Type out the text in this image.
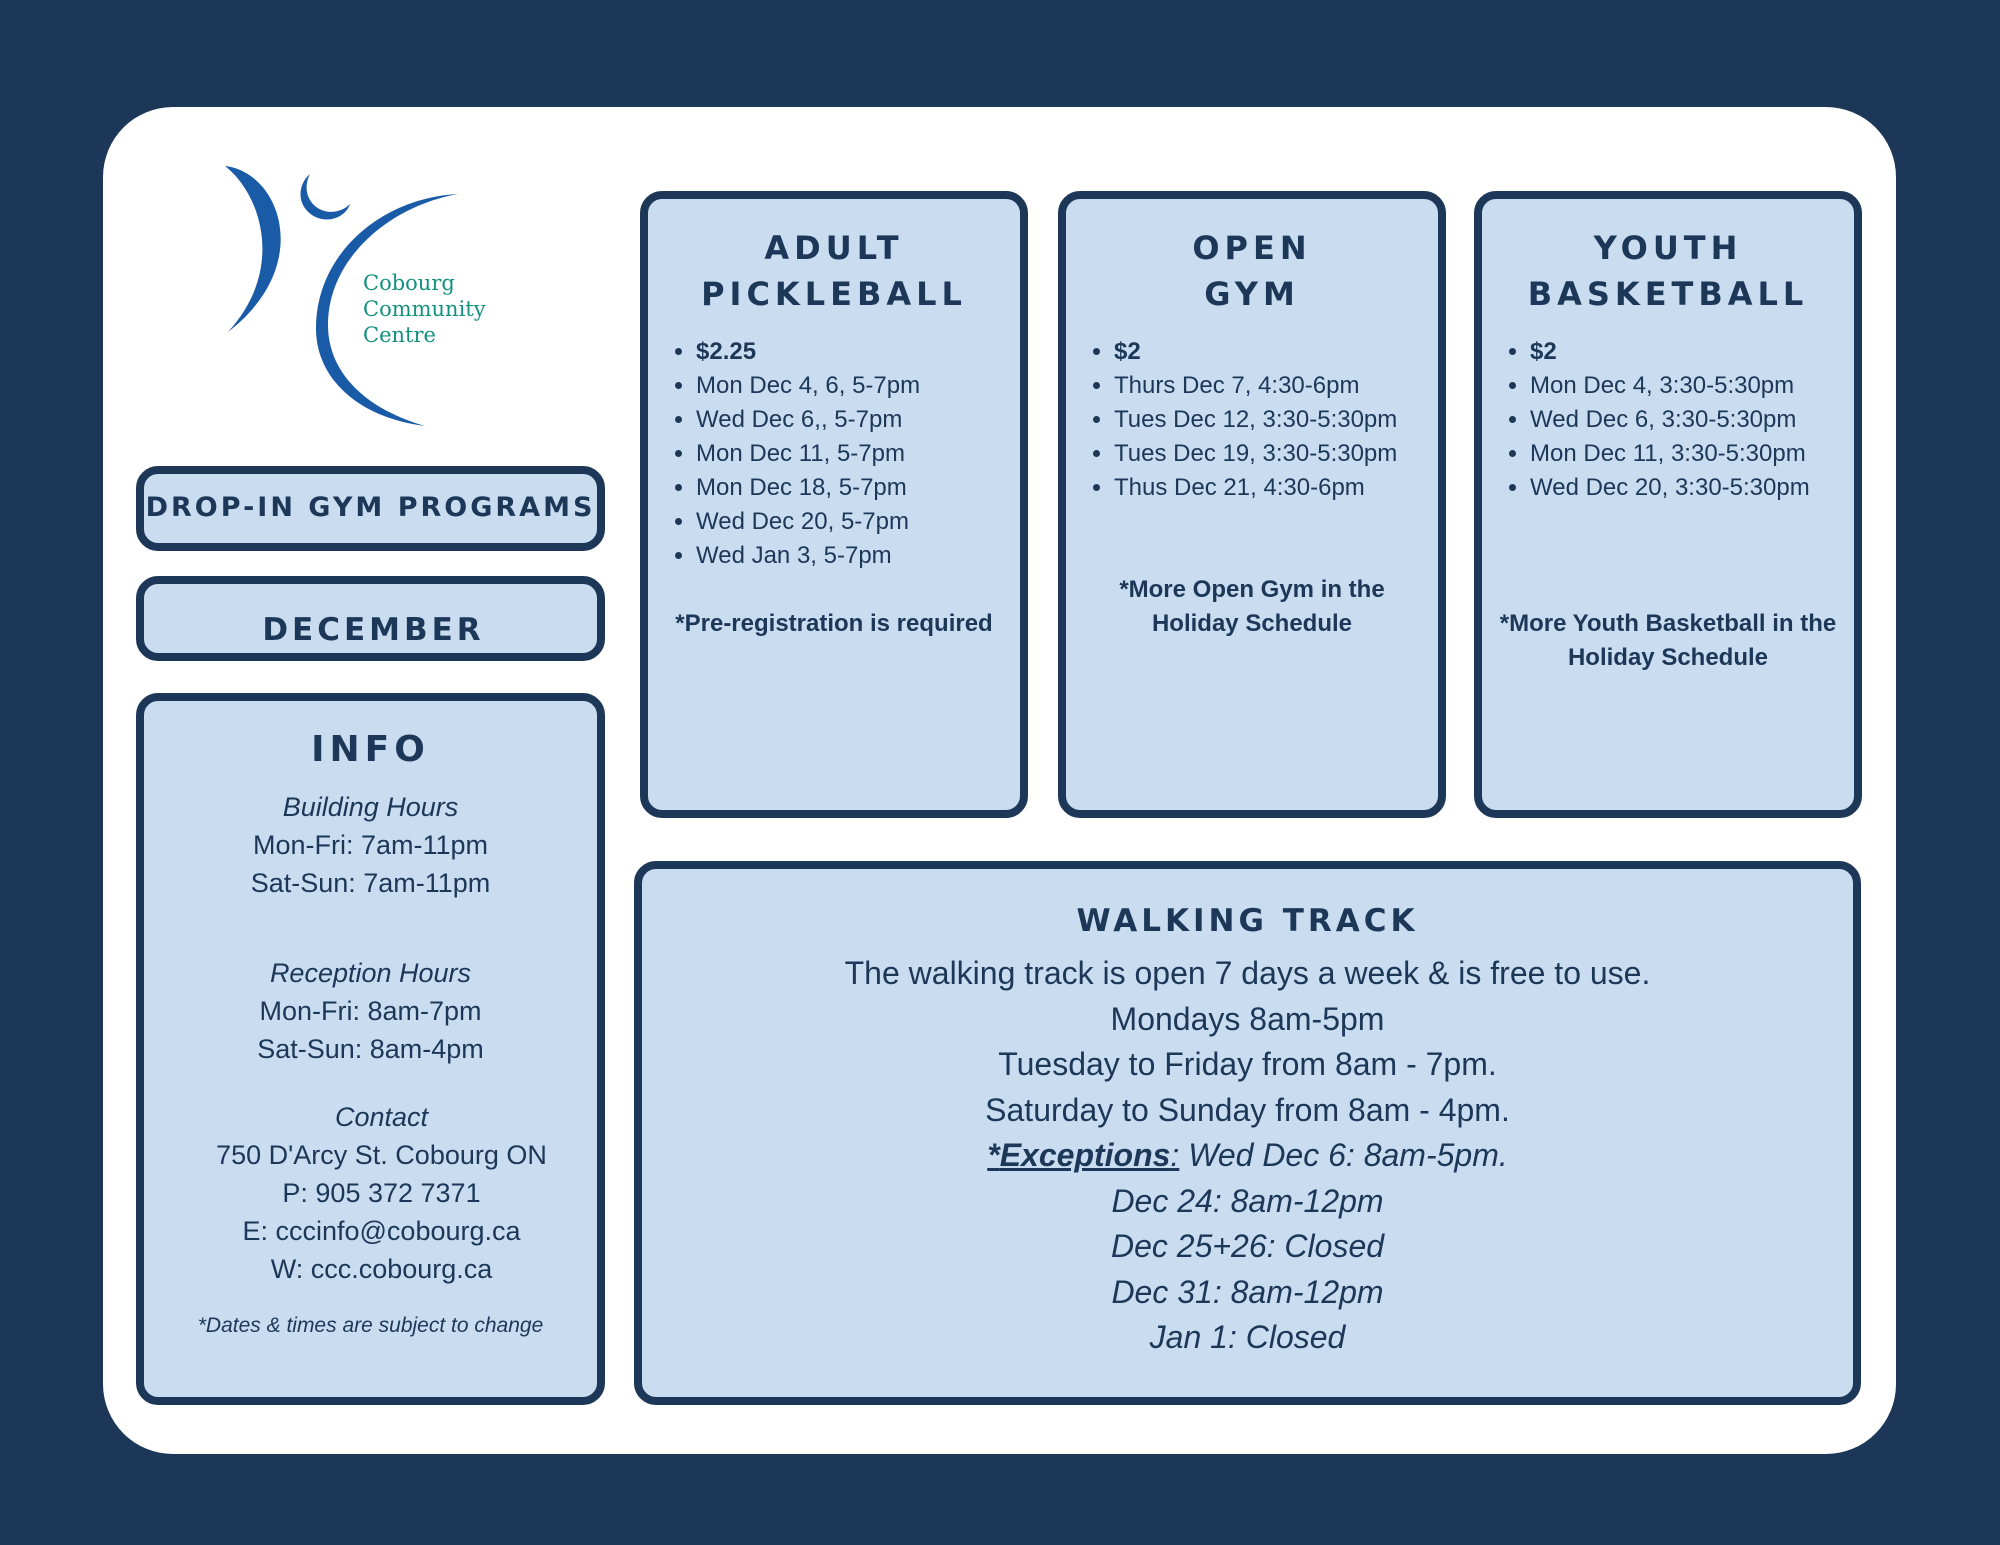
Cobourg
Community
Centre
DROP-IN GYM PROGRAMS
DECEMBER
INFO
Building Hours
Mon-Fri: 7am-11pm
Sat-Sun: 7am-11pm
Reception Hours
Mon-Fri: 8am-7pm
Sat-Sun: 8am-4pm
Contact
750 D'Arcy St. Cobourg ON
P: 905 372 7371
E: cccinfo@cobourg.ca
W: ccc.cobourg.ca
*Dates & times are subject to change
ADULT
PICKLEBALL
• $2.25
• Mon Dec 4, 6, 5-7pm
• Wed Dec 6,, 5-7pm
• Mon Dec 11, 5-7pm
• Mon Dec 18, 5-7pm
• Wed Dec 20, 5-7pm
• Wed Jan 3, 5-7pm
*Pre-registration is required
OPEN
GYM
• $2
• Thurs Dec 7, 4:30-6pm
• Tues Dec 12, 3:30-5:30pm
• Tues Dec 19, 3:30-5:30pm
• Thus Dec 21, 4:30-6pm
*More Open Gym in the Holiday Schedule
YOUTH
BASKETBALL
• $2
• Mon Dec 4, 3:30-5:30pm
• Wed Dec 6, 3:30-5:30pm
• Mon Dec 11, 3:30-5:30pm
• Wed Dec 20, 3:30-5:30pm
*More Youth Basketball in the Holiday Schedule
WALKING TRACK
The walking track is open 7 days a week & is free to use.
Mondays 8am-5pm
Tuesday to Friday from 8am - 7pm.
Saturday to Sunday from 8am - 4pm.
*Exceptions: Wed Dec 6: 8am-5pm.
Dec 24: 8am-12pm
Dec 25+26: Closed
Dec 31: 8am-12pm
Jan 1: Closed
